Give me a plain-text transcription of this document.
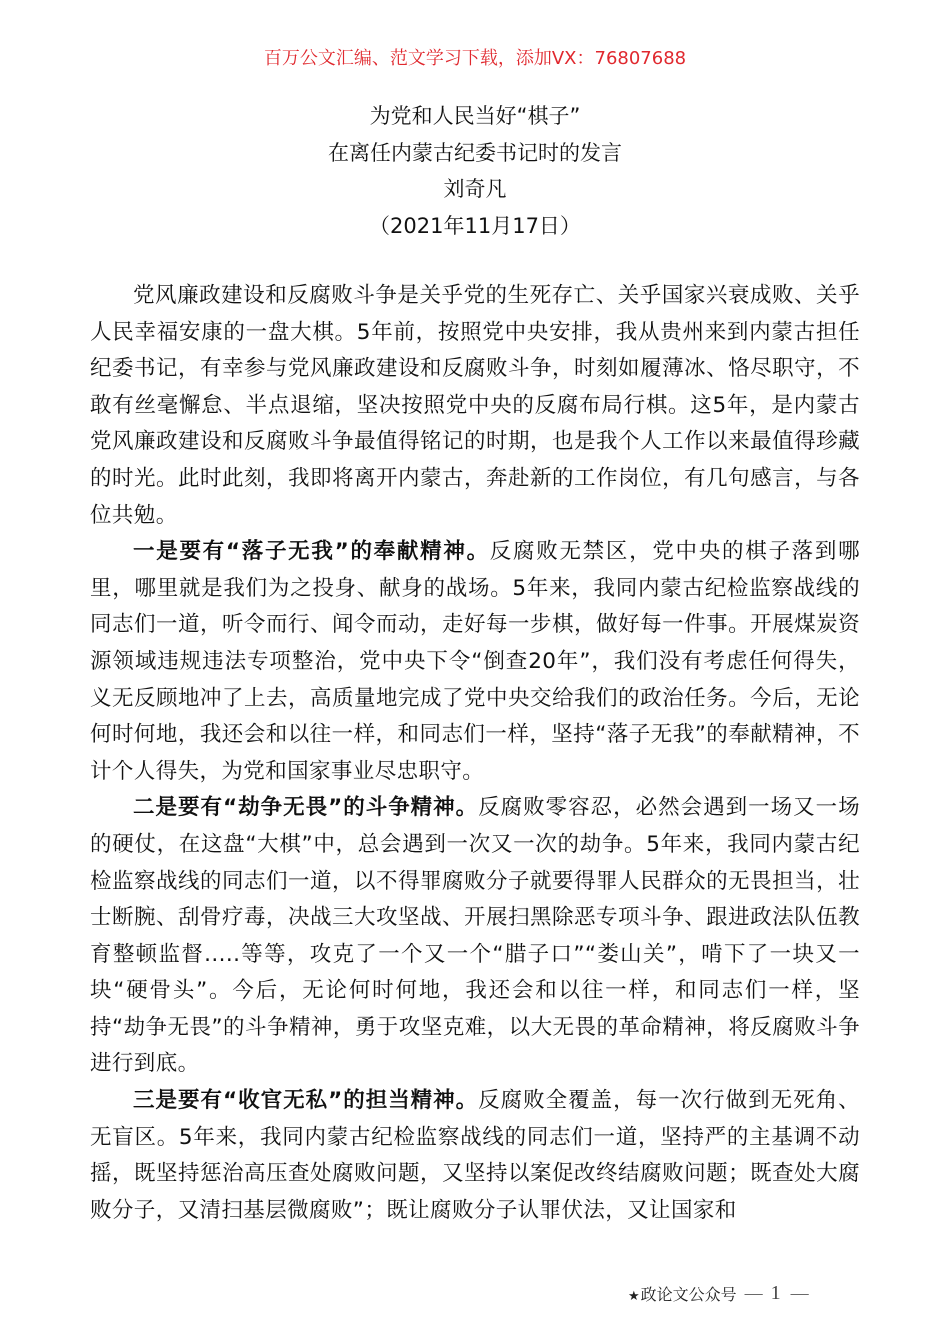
百万公文汇编、范文学习下载，添加VX：76807688
为党和人民当好“棋子”
在离任内蒙古纪委书记时的发言
刘奇凡
（2021年11月17日）

党风廉政建设和反腐败斗争是关乎党的生死存亡、关乎国家兴衰成败、关乎人民幸福安康的一盘大棋。5年前，按照党中央安排，我从贵州来到内蒙古担任纪委书记，有幸参与党风廉政建设和反腐败斗争，时刻如履薄冰、恪尽职守，不敢有丝毫懈怠、半点退缩，坚决按照党中央的反腐布局行棋。这5年，是内蒙古党风廉政建设和反腐败斗争最值得铭记的时期，也是我个人工作以来最值得珍藏的时光。此时此刻，我即将离开内蒙古，奔赴新的工作岗位，有几句感言，与各位共勉。

一是要有“落子无我”的奉献精神。反腐败无禁区，党中央的棋子落到哪里，哪里就是我们为之投身、献身的战场。5年来，我同内蒙古纪检监察战线的同志们一道，听令而行、闻令而动，走好每一步棋，做好每一件事。开展煤炭资源领域违规违法专项整治，党中央下令“倒查20年”，我们没有考虑任何得失，义无反顾地冲了上去，高质量地完成了党中央交给我们的政治任务。今后，无论何时何地，我还会和以往一样，和同志们一样，坚持“落子无我”的奉献精神，不计个人得失，为党和国家事业尽忠职守。

二是要有“劫争无畏”的斗争精神。反腐败零容忍，必然会遇到一场又一场的硬仗，在这盘“大棋”中，总会遇到一次又一次的劫争。5年来，我同内蒙古纪检监察战线的同志们一道，以不得罪腐败分子就要得罪人民群众的无畏担当，壮士断腕、刮骨疗毒，决战三大攻坚战、开展扫黑除恶专项斗争、跟进政法队伍教育整顿监督.....等等，攻克了一个又一个“腊子口”“娄山关”，啃下了一块又一块“硬骨头”。今后，无论何时何地，我还会和以往一样，和同志们一样，坚持“劫争无畏”的斗争精神，勇于攻坚克难，以大无畏的革命精神，将反腐败斗争进行到底。

三是要有“收官无私”的担当精神。反腐败全覆盖，每一次行做到无死角、无盲区。5年来，我同内蒙古纪检监察战线的同志们一道，坚持严的主基调不动摇，既坚持惩治高压查处腐败问题，又坚持以案促改终结腐败问题；既查处大腐败分子，又清扫基层微腐败”；既让腐败分子认罪伏法，又让国家和

★政论文公众号 — 1 —
